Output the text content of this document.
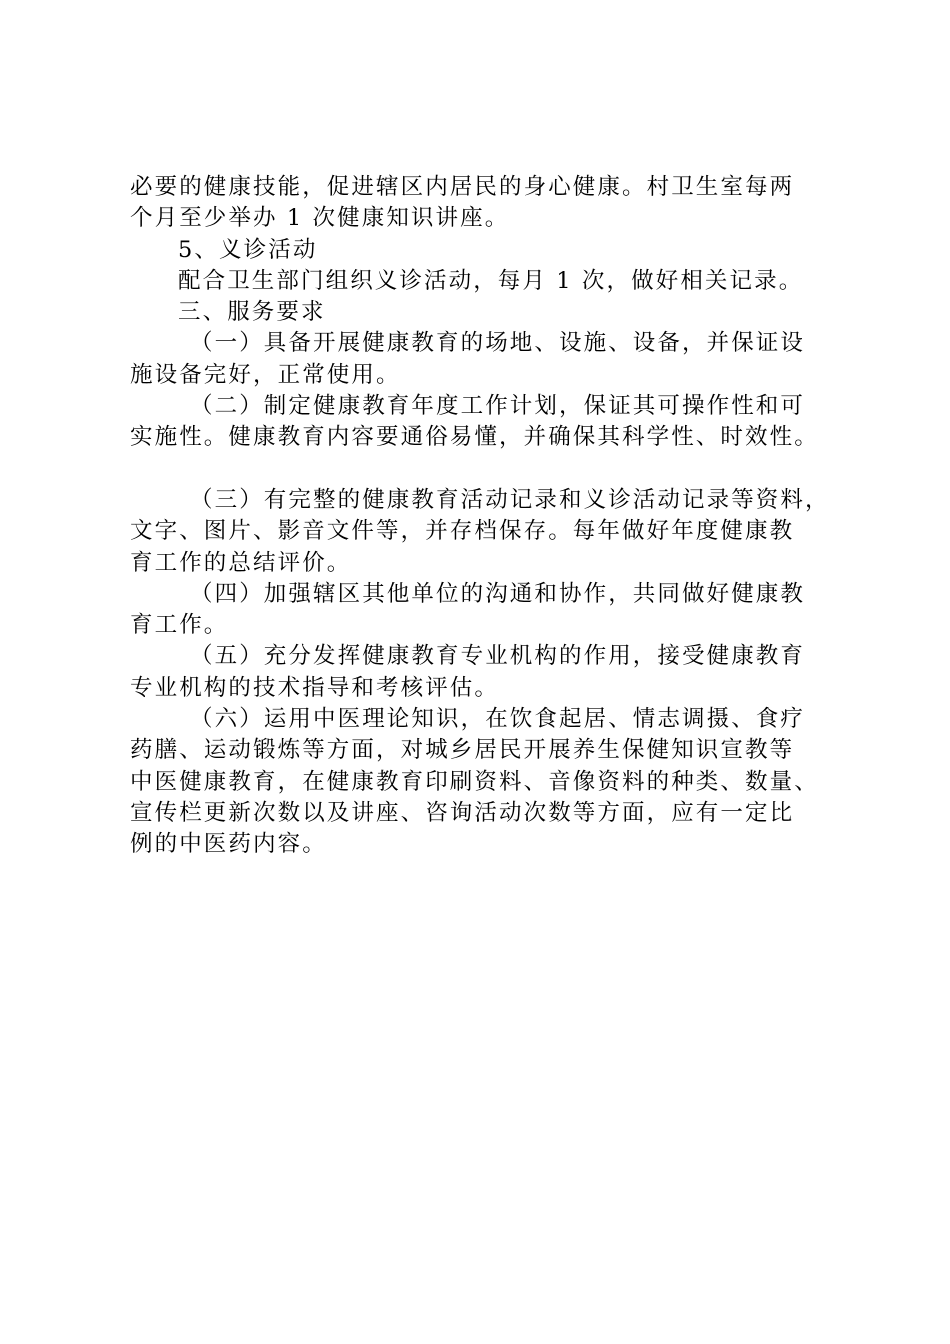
必要的健康技能，促进辖区内居民的身心健康。村卫生室每两
个月至少举办 1 次健康知识讲座。
5、义诊活动
配合卫生部门组织义诊活动，每月 1 次，做好相关记录。
三、服务要求
（一）具备开展健康教育的场地、设施、设备，并保证设
施设备完好，正常使用。
（二）制定健康教育年度工作计划，保证其可操作性和可
实施性。健康教育内容要通俗易懂，并确保其科学性、时效性。
（三）有完整的健康教育活动记录和义诊活动记录等资料，
文字、图片、影音文件等，并存档保存。每年做好年度健康教
育工作的总结评价。
（四）加强辖区其他单位的沟通和协作，共同做好健康教
育工作。
（五）充分发挥健康教育专业机构的作用，接受健康教育
专业机构的技术指导和考核评估。
（六）运用中医理论知识，在饮食起居、情志调摄、食疗
药膳、运动锻炼等方面，对城乡居民开展养生保健知识宣教等
中医健康教育，在健康教育印刷资料、音像资料的种类、数量、
宣传栏更新次数以及讲座、咨询活动次数等方面，应有一定比
例的中医药内容。
